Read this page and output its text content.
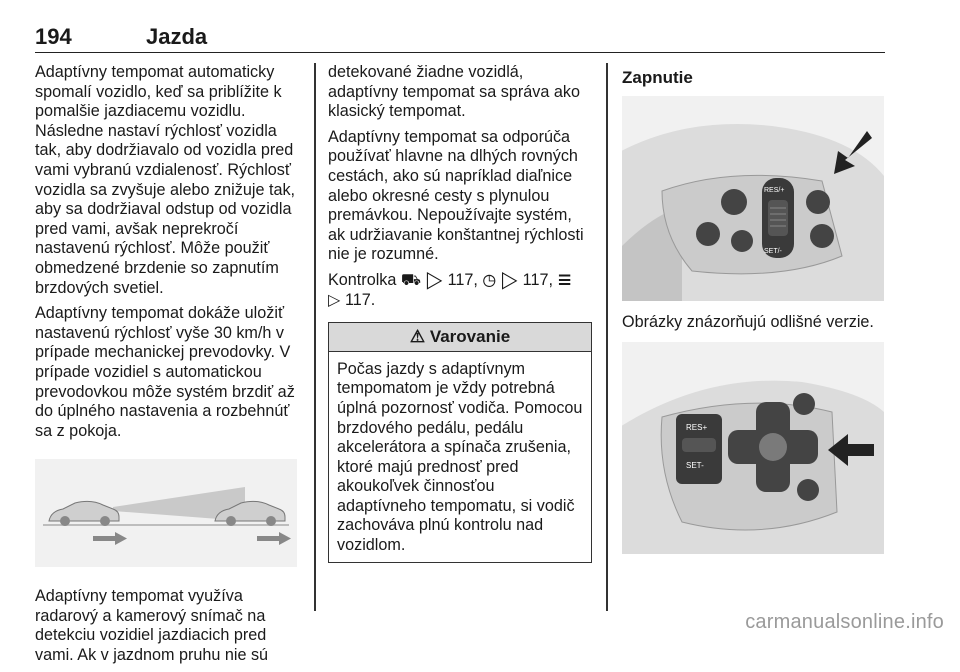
194	Jazda

Adaptívny tempomat automaticky spomalí vozidlo, keď sa priblížite k pomalšie jazdiacemu vozidlu. Následne nastaví rýchlosť vozidla tak, aby dodržiavalo od vozidla pred vami vybranú vzdialenosť. Rýchlosť vozidla sa zvyšuje alebo znižuje tak, aby sa dodržiaval odstup od vozidla pred vami, avšak neprekročí nastavenú rýchlosť. Môže použiť obmedzené brzdenie so zapnutím brzdových svetiel.

Adaptívny tempomat dokáže uložiť nastavenú rýchlosť vyše 30 km/h v prípade mechanickej prevodovky. V prípade vozidiel s automatickou prevodovkou môže systém brzdiť až do úplného nastavenia a rozbehnúť sa z pokoja.

Adaptívny tempomat využíva radarový a kamerový snímač na detekciu vozidiel jazdiacich pred vami. Ak v jazdnom pruhu nie sú

detekované žiadne vozidlá, adaptívny tempomat sa správa ako klasický tempomat.

Adaptívny tempomat sa odporúča používať hlavne na dlhých rovných cestách, ako sú napríklad diaľnice alebo okresné cesty s plynulou premávkou. Nepoužívajte systém, ak udržiavanie konštantnej rýchlosti nie je rozumné.

Kontrolka ⛟ ▷ 117, ◷ ▷ 117, ☰
▷ 117.

⚠ Varovanie

Počas jazdy s adaptívnym tempomatom je vždy potrebná úplná pozornosť vodiča. Pomocou brzdového pedálu, pedálu akcelerátora a spínača zrušenia, ktoré majú prednosť pred akoukoľvek činnosťou adaptívneho tempomatu, si vodič zachováva plnú kontrolu nad vozidlom.

Zapnutie
RES/+
SET/-

Obrázky znázorňujú odlišné verzie.

RES+
SET-
carmanualsonline.info
